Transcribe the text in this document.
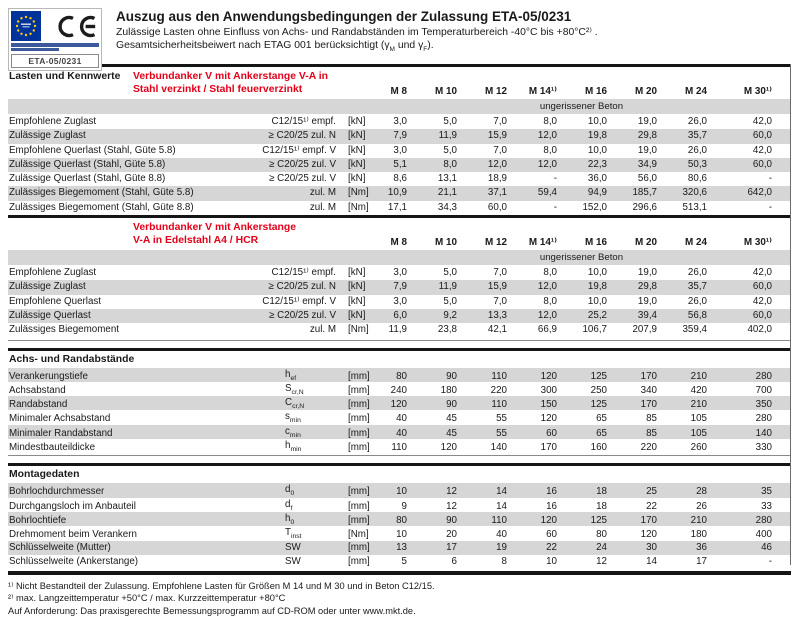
ETA-05/0231
Auszug aus den Anwendungsbedingungen der Zulassung ETA-05/0231

Zulässige Lasten ohne Einfluss von Achs- und Randabständen im Temperaturbereich -40°C bis +80°C²⁾ .

Gesamtsicherheitsbeiwert nach ETAG 001 berücksichtigt ($\gamma_M$ und $\gamma_F$).

Lasten und Kennwerte Verbundanker V mit Ankerstange V-A in
Stahl verzinkt / Stahl feuerverzinkt	M 8	M 10	M 12	M 14¹⁾	M 16	M 20	M 24	M 30¹⁾
ungerissener Beton
Empfohlene Zuglast	C12/15¹⁾ empf.	[kN]	3,0	5,0	7,0	8,0	10,0	19,0	26,0	42,0
Zulässige Zuglast	≥ C20/25 zul. N	[kN]	7,9	11,9	15,9	12,0	19,8	29,8	35,7	60,0
Empfohlene Querlast (Stahl, Güte 5.8)	C12/15¹⁾ empf. V	[kN]	3,0	5,0	7,0	8,0	10,0	19,0	26,0	42,0
Zulässige Querlast (Stahl, Güte 5.8)	≥ C20/25 zul. V	[kN]	5,1	8,0	12,0	12,0	22,3	34,9	50,3	60,0
Zulässige Querlast (Stahl, Güte 8.8)	≥ C20/25 zul. V	[kN]	8,6	13,1	18,9	-	36,0	56,0	80,6	-
Zulässiges Biegemoment (Stahl, Güte 5.8)	zul. M	[Nm]	10,9	21,1	37,1	59,4	94,9	185,7	320,6	642,0
Zulässiges Biegemoment (Stahl, Güte 8.8)	zul. M	[Nm]	17,1	34,3	60,0	-	152,0	296,6	513,1	-
Verbundanker V mit Ankerstange
V-A in Edelstahl A4 / HCR	M 8	M 10	M 12	M 14¹⁾	M 16	M 20	M 24	M 30¹⁾
ungerissener Beton
Empfohlene Zuglast	C12/15¹⁾ empf.	[kN]	3,0	5,0	7,0	8,0	10,0	19,0	26,0	42,0
Zulässige Zuglast	≥ C20/25 zul. N	[kN]	7,9	11,9	15,9	12,0	19,8	29,8	35,7	60,0
Empfohlene Querlast	C12/15¹⁾ empf. V	[kN]	3,0	5,0	7,0	8,0	10,0	19,0	26,0	42,0
Zulässige Querlast	≥ C20/25 zul. V	[kN]	6,0	9,2	13,3	12,0	25,2	39,4	56,8	60,0
Zulässiges Biegemoment	zul. M	[Nm]	11,9	23,8	42,1	66,9	106,7	207,9	359,4	402,0
Achs- und Randabstände
Verankerungstiefe	$h_{ef}$	[mm]	80	90	110	120	125	170	210	280
Achsabstand	$S_{cr,N}$	[mm]	240	180	220	300	250	340	420	700
Randabstand	$C_{cr,N}$	[mm]	120	90	110	150	125	170	210	350
Minimaler Achsabstand	$s_{min}$	[mm]	40	45	55	120	65	85	105	280
Minimaler Randabstand	$c_{min}$	[mm]	40	45	55	60	65	85	105	140
Mindestbauteildicke	$h_{min}$	[mm]	110	120	140	170	160	220	260	330
Montagedaten
Bohrlochdurchmesser	$d_0$	[mm]	10	12	14	16	18	25	28	35
Durchgangsloch im Anbauteil	$d_f$	[mm]	9	12	14	16	18	22	26	33
Bohrlochtiefe	$h_0$	[mm]	80	90	110	120	125	170	210	280
Drehmoment beim Verankern	$T_{inst}$	[Nm]	10	20	40	60	80	120	180	400
Schlüsselweite (Mutter)	SW	[mm]	13	17	19	22	24	30	36	46
Schlüsselweite (Ankerstange)	SW	[mm]	5	6	8	10	12	14	17	-

¹⁾ Nicht Bestandteil der Zulassung. Empfohlene Lasten für Größen M 14 und M 30 und in Beton C12/15.

²⁾ max. Langzeittemperatur +50°C / max. Kurzzeittemperatur +80°C

Auf Anforderung: Das praxisgerechte Bemessungsprogramm auf CD-ROM oder unter www.mkt.de.
